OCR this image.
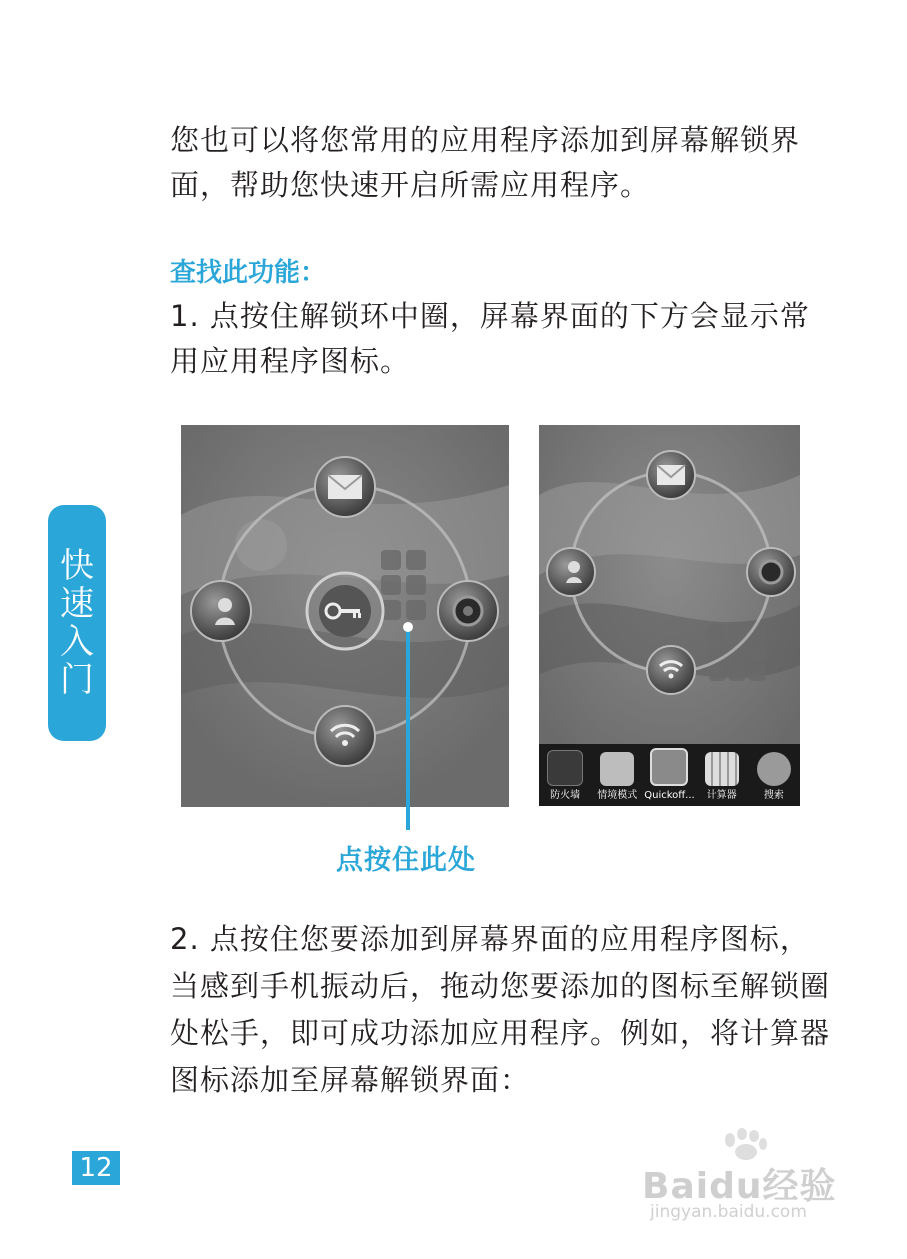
您也可以将您常用的应用程序添加到屏幕解锁界面，帮助您快速开启所需应用程序。

查找此功能：

1. 点按住解锁环中圈，屏幕界面的下方会显示常用应用程序图标。

快
速
入
门
防火墙 情境模式 Quickoff... 计算器	搜索
点按住此处

2. 点按住您要添加到屏幕界面的应用程序图标，当感到手机振动后，拖动您要添加的图标至解锁圈处松手，即可成功添加应用程序。例如，将计算器图标添加至屏幕解锁界面：

12	Baidu经验
jingyan.baidu.com
